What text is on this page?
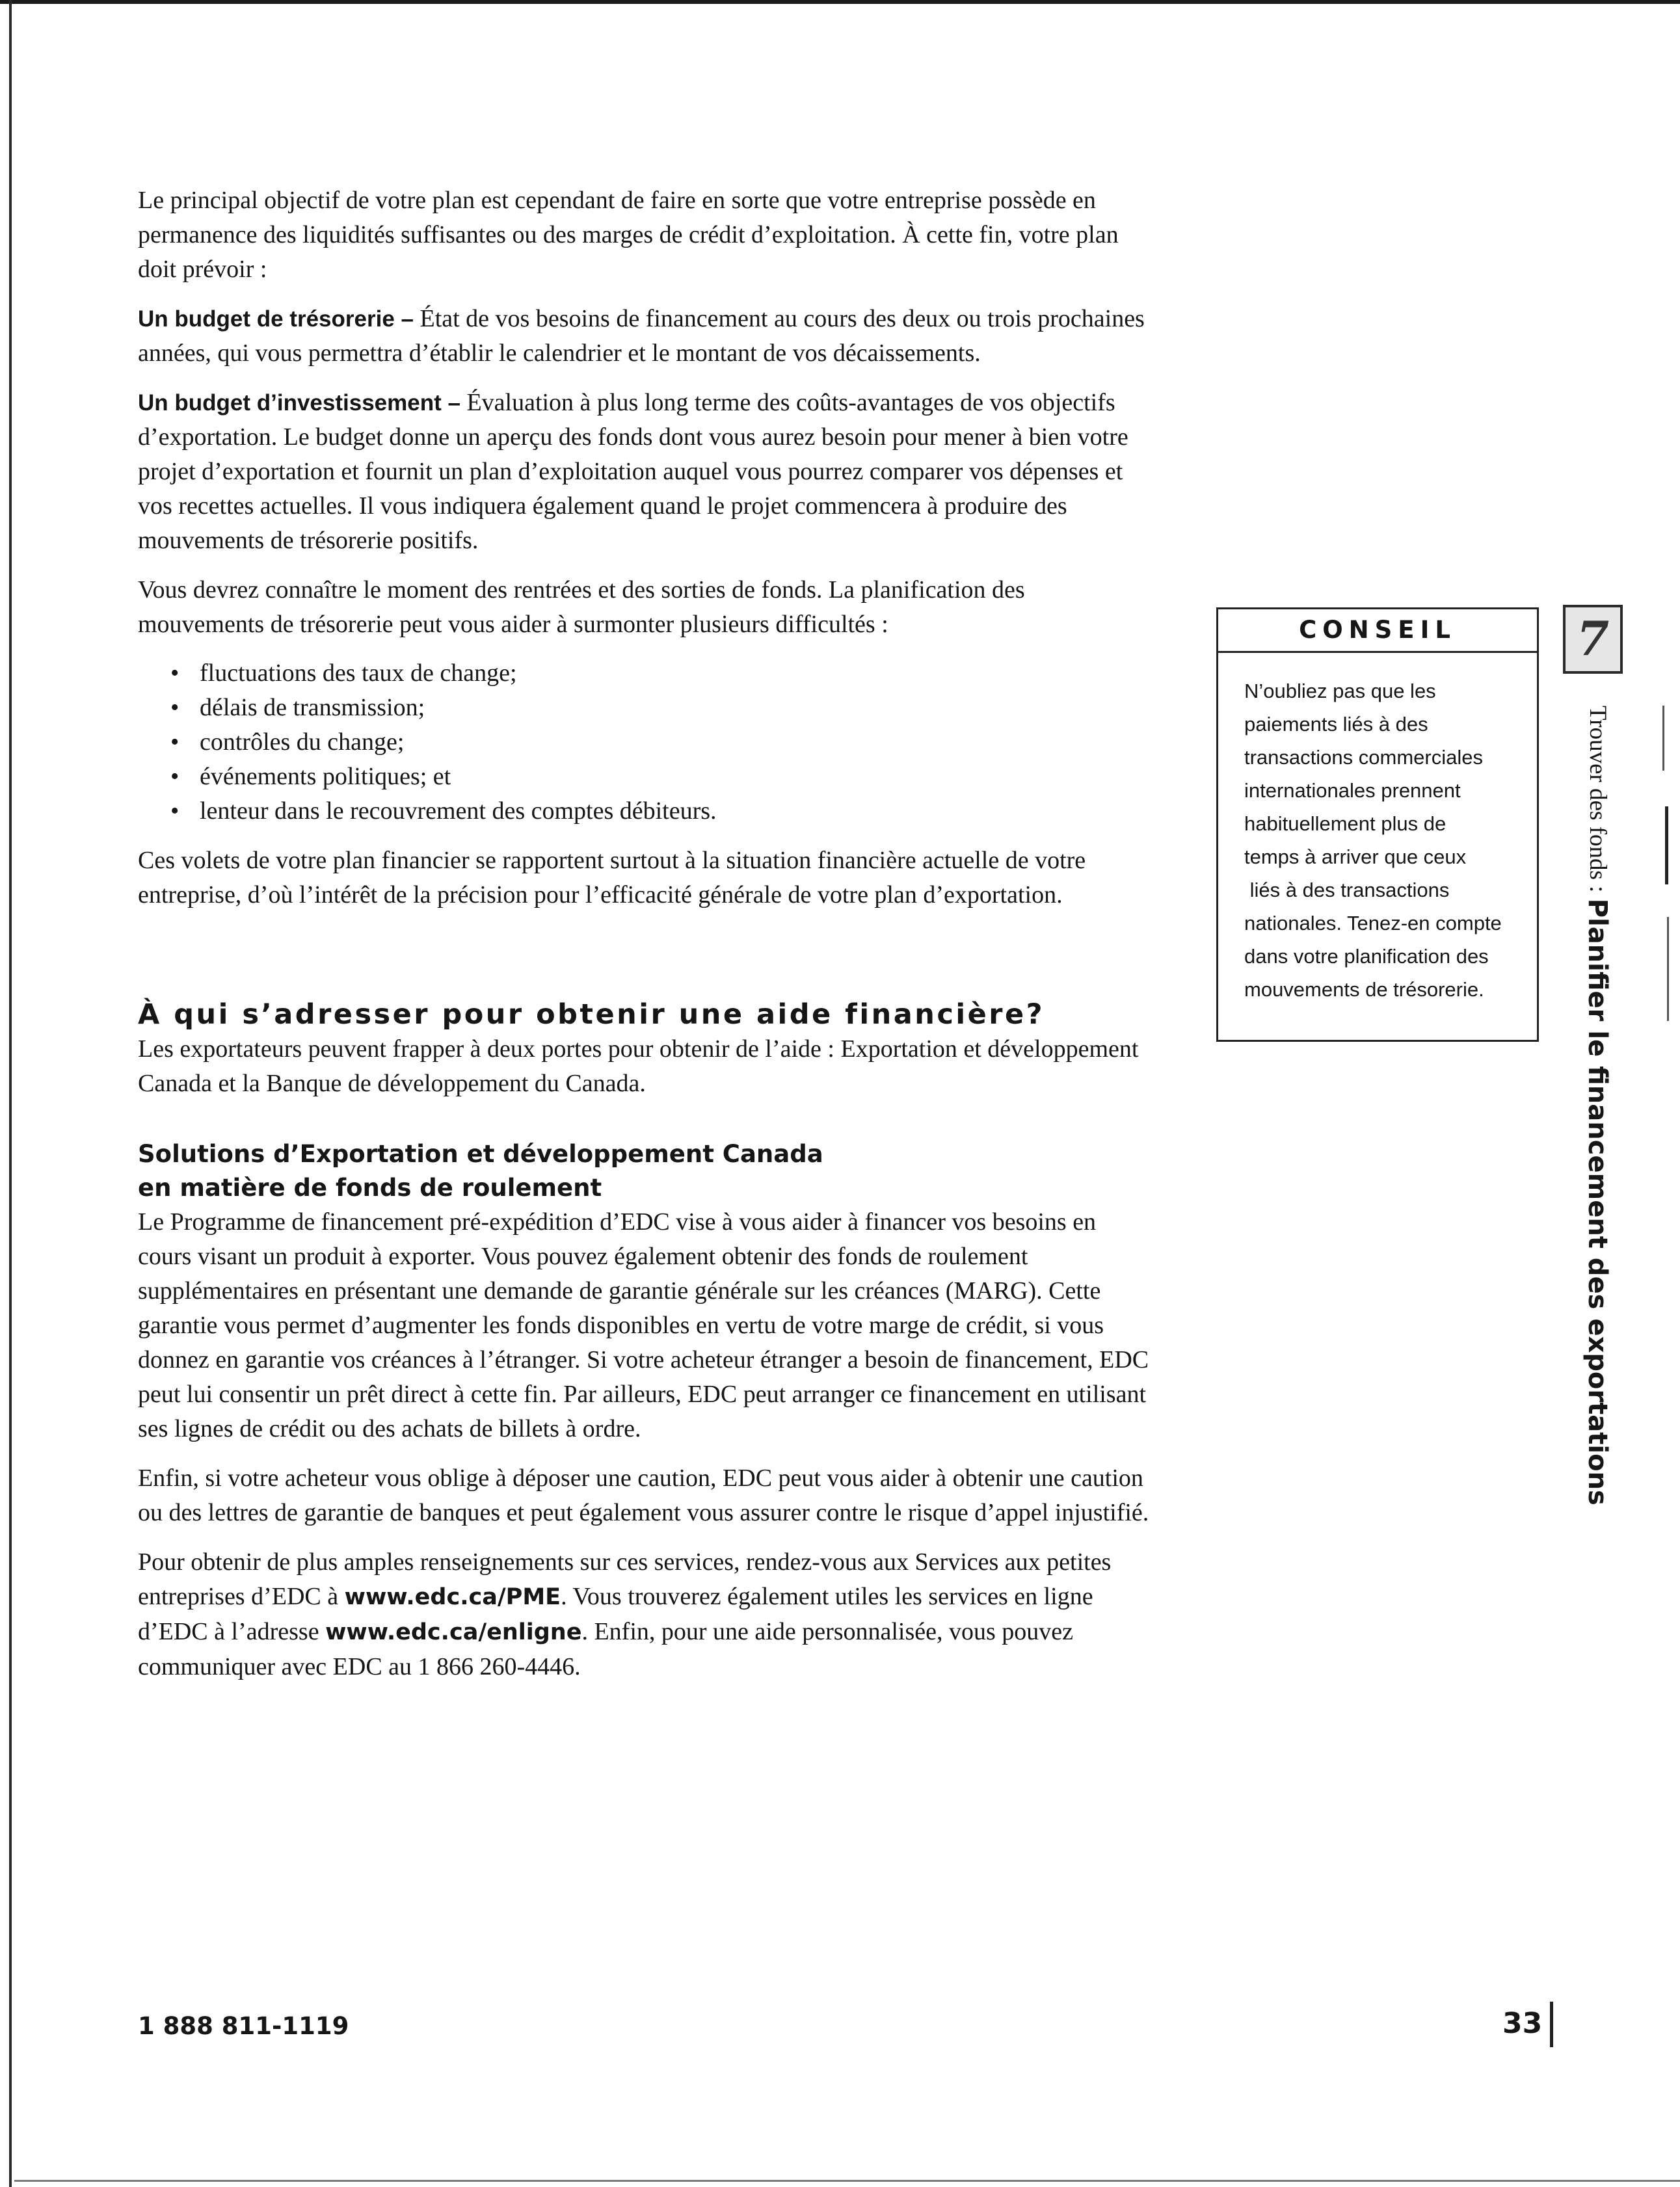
Le principal objectif de votre plan est cependant de faire en sorte que votre entreprise possède en permanence des liquidités suffisantes ou des marges de crédit d’exploitation. À cette fin, votre plan doit prévoir :

Un budget de trésorerie – État de vos besoins de financement au cours des deux ou trois prochaines années, qui vous permettra d’établir le calendrier et le montant de vos décaissements.

Un budget d’investissement – Évaluation à plus long terme des coûts-avantages de vos objectifs d’exportation. Le budget donne un aperçu des fonds dont vous aurez besoin pour mener à bien votre projet d’exportation et fournit un plan d’exploitation auquel vous pourrez comparer vos dépenses et vos recettes actuelles. Il vous indiquera également quand le projet commencera à produire des mouvements de trésorerie positifs.

Vous devrez connaître le moment des rentrées et des sorties de fonds. La planification des mouvements de trésorerie peut vous aider à surmonter plusieurs difficultés :

• fluctuations des taux de change;
• délais de transmission;
• contrôles du change;
• événements politiques; et
• lenteur dans le recouvrement des comptes débiteurs.

Ces volets de votre plan financier se rapportent surtout à la situation financière actuelle de votre entreprise, d’où l’intérêt de la précision pour l’efficacité générale de votre plan d’exportation.

À qui s’adresser pour obtenir une aide financière?

Les exportateurs peuvent frapper à deux portes pour obtenir de l’aide : Exportation et développement Canada et la Banque de développement du Canada.

Solutions d’Exportation et développement Canada
en matière de fonds de roulement

Le Programme de financement pré-expédition d’EDC vise à vous aider à financer vos besoins en cours visant un produit à exporter. Vous pouvez également obtenir des fonds de roulement supplémentaires en présentant une demande de garantie générale sur les créances (MARG). Cette garantie vous permet d’augmenter les fonds disponibles en vertu de votre marge de crédit, si vous donnez en garantie vos créances à l’étranger. Si votre acheteur étranger a besoin de financement, EDC peut lui consentir un prêt direct à cette fin. Par ailleurs, EDC peut arranger ce financement en utilisant ses lignes de crédit ou des achats de billets à ordre.

Enfin, si votre acheteur vous oblige à déposer une caution, EDC peut vous aider à obtenir une caution ou des lettres de garantie de banques et peut également vous assurer contre le risque d’appel injustifié.

Pour obtenir de plus amples renseignements sur ces services, rendez-vous aux Services aux petites entreprises d’EDC à www.edc.ca/PME. Vous trouverez également utiles les services en ligne d’EDC à l’adresse www.edc.ca/enligne. Enfin, pour une aide personnalisée, vous pouvez communiquer avec EDC au 1 866 260-4446.

CONSEIL
N’oubliez pas que les
paiements liés à des
transactions commerciales
internationales prennent
habituellement plus de
temps à arriver que ceux
liés à des transactions
nationales. Tenez-en compte
dans votre planification des
mouvements de trésorerie.
7
Trouver des fonds : Planifier le financement des exportations
1 888 811-1119	33
